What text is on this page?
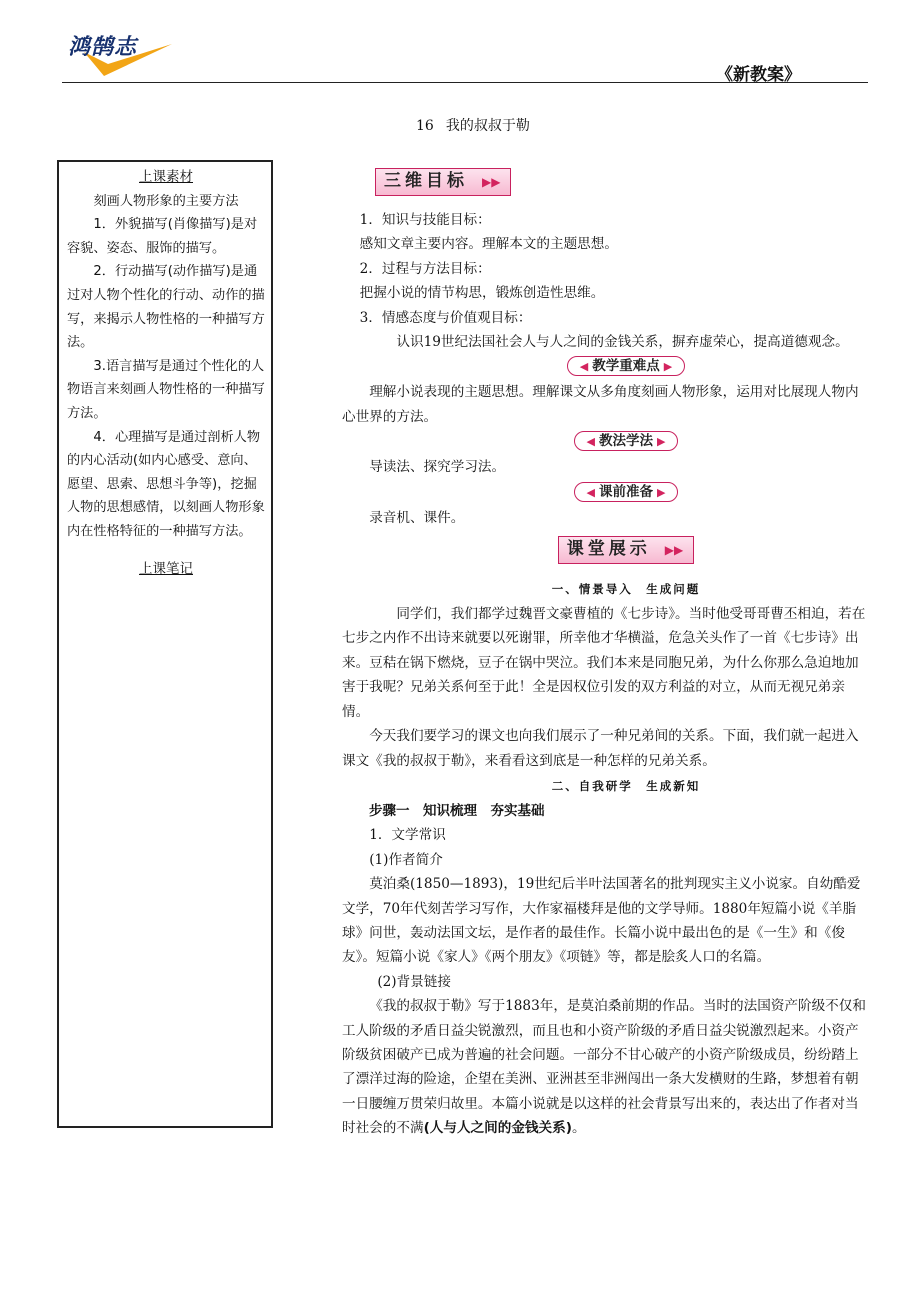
鸿鹄志
《新教案》
16 我的叔叔于勒
上课素材
刻画人物形象的主要方法

1．外貌描写(肖像描写)是对容貌、姿态、服饰的描写。

2．行动描写(动作描写)是通过对人物个性化的行动、动作的描写，来揭示人物性格的一种描写方法。

3.语言描写是通过个性化的人物语言来刻画人物性格的一种描写方法。

4．心理描写是通过剖析人物的内心活动(如内心感受、意向、愿望、思索、思想斗争等)，挖掘人物的思想感情，以刻画人物形象内在性格特征的一种描写方法。

上课笔记
三维目标 ▶▶

1．知识与技能目标：

感知文章主要内容。理解本文的主题思想。

2．过程与方法目标：

把握小说的情节构思，锻炼创造性思维。

3．情感态度与价值观目标：

认识19世纪法国社会人与人之间的金钱关系，摒弃虚荣心，提高道德观念。

◀ 教学重难点 ▶

理解小说表现的主题思想。理解课文从多角度刻画人物形象，运用对比展现人物内心世界的方法。

◀ 教法学法 ▶

导读法、探究学习法。

◀ 课前准备 ▶

录音机、课件。

课堂展示 ▶▶
一、情景导入　生成问题

同学们，我们都学过魏晋文豪曹植的《七步诗》。当时他受哥哥曹丕相迫，若在七步之内作不出诗来就要以死谢罪，所幸他才华横溢，危急关头作了一首《七步诗》出来。豆秸在锅下燃烧，豆子在锅中哭泣。我们本来是同胞兄弟，为什么你那么急迫地加害于我呢？兄弟关系何至于此！全是因权位引发的双方利益的对立，从而无视兄弟亲情。

今天我们要学习的课文也向我们展示了一种兄弟间的关系。下面，我们就一起进入课文《我的叔叔于勒》，来看看这到底是一种怎样的兄弟关系。

二、自我研学　生成新知

步骤一　知识梳理　夯实基础

1．文学常识

(1)作者简介

莫泊桑(1850—1893)，19世纪后半叶法国著名的批判现实主义小说家。自幼酷爱文学，70年代刻苦学习写作，大作家福楼拜是他的文学导师。1880年短篇小说《羊脂球》问世，轰动法国文坛，是作者的最佳作。长篇小说中最出色的是《一生》和《俊友》。短篇小说《家人》《两个朋友》《项链》等，都是脍炙人口的名篇。

(2)背景链接

《我的叔叔于勒》写于1883年，是莫泊桑前期的作品。当时的法国资产阶级不仅和工人阶级的矛盾日益尖锐激烈，而且也和小资产阶级的矛盾日益尖锐激烈起来。小资产阶级贫困破产已成为普遍的社会问题。一部分不甘心破产的小资产阶级成员，纷纷踏上了漂洋过海的险途，企望在美洲、亚洲甚至非洲闯出一条大发横财的生路，梦想着有朝一日腰缠万贯荣归故里。本篇小说就是以这样的社会背景写出来的，表达出了作者对当时社会的不满(人与人之间的金钱关系)。
